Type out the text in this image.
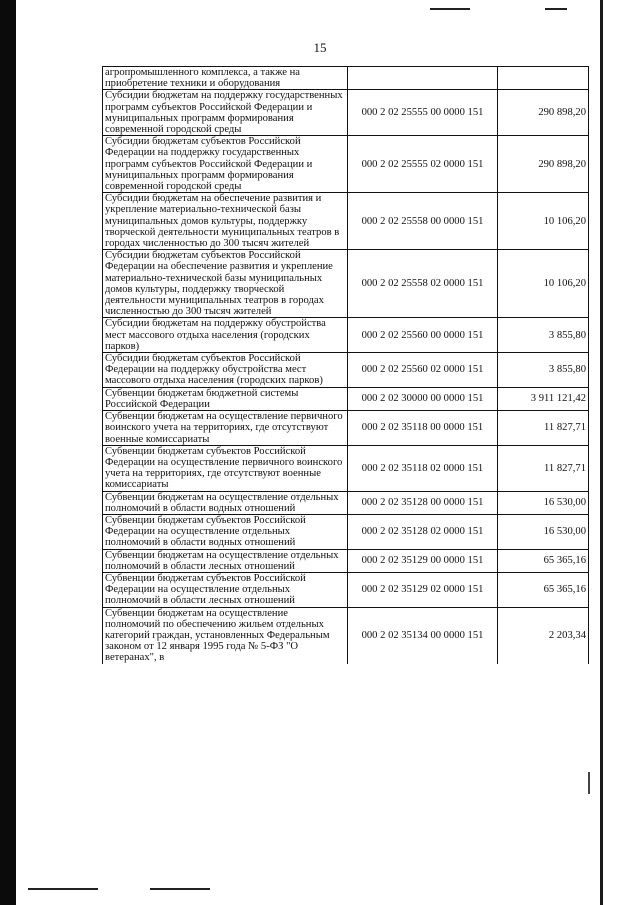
15
агропромышленного комплекса, а также на приобретение техники и оборудования		
Субсидии бюджетам на поддержку государственных программ субъектов Российской Федерации и муниципальных программ формирования современной городской среды	000 2 02 25555 00 0000 151	290 898,20
Субсидии бюджетам субъектов Российской Федерации на поддержку государственных программ субъектов Российской Федерации и муниципальных программ формирования современной городской среды	000 2 02 25555 02 0000 151	290 898,20
Субсидии бюджетам на обеспечение развития и укрепление материально-технической базы муниципальных домов культуры, поддержку творческой деятельности муниципальных театров в городах численностью до 300 тысяч жителей	000 2 02 25558 00 0000 151	10 106,20
Субсидии бюджетам субъектов Российской Федерации на обеспечение развития и укрепление материально-технической базы муниципальных домов культуры, поддержку творческой деятельности муниципальных театров в городах численностью до 300 тысяч жителей	000 2 02 25558 02 0000 151	10 106,20
Субсидии бюджетам на поддержку обустройства мест массового отдыха населения (городских парков)	000 2 02 25560 00 0000 151	3 855,80
Субсидии бюджетам субъектов Российской Федерации на поддержку обустройства мест массового отдыха населения (городских парков)	000 2 02 25560 02 0000 151	3 855,80
Субвенции бюджетам бюджетной системы Российской Федерации	000 2 02 30000 00 0000 151	3 911 121,42
Субвенции бюджетам на осуществление первичного воинского учета на территориях, где отсутствуют военные комиссариаты	000 2 02 35118 00 0000 151	11 827,71
Субвенции бюджетам субъектов Российской Федерации на осуществление первичного воинского учета на территориях, где отсутствуют военные комиссариаты	000 2 02 35118 02 0000 151	11 827,71
Субвенции бюджетам на осуществление отдельных полномочий в области водных отношений	000 2 02 35128 00 0000 151	16 530,00
Субвенции бюджетам субъектов Российской Федерации на осуществление отдельных полномочий в области водных отношений	000 2 02 35128 02 0000 151	16 530,00
Субвенции бюджетам на осуществление отдельных полномочий в области лесных отношений	000 2 02 35129 00 0000 151	65 365,16
Субвенции бюджетам субъектов Российской Федерации на осуществление отдельных полномочий в области лесных отношений	000 2 02 35129 02 0000 151	65 365,16
Субвенции бюджетам на осуществление полномочий по обеспечению жильем отдельных категорий граждан, установленных Федеральным законом от 12 января 1995 года № 5-ФЗ "О ветеранах", в	000 2 02 35134 00 0000 151	2 203,34
